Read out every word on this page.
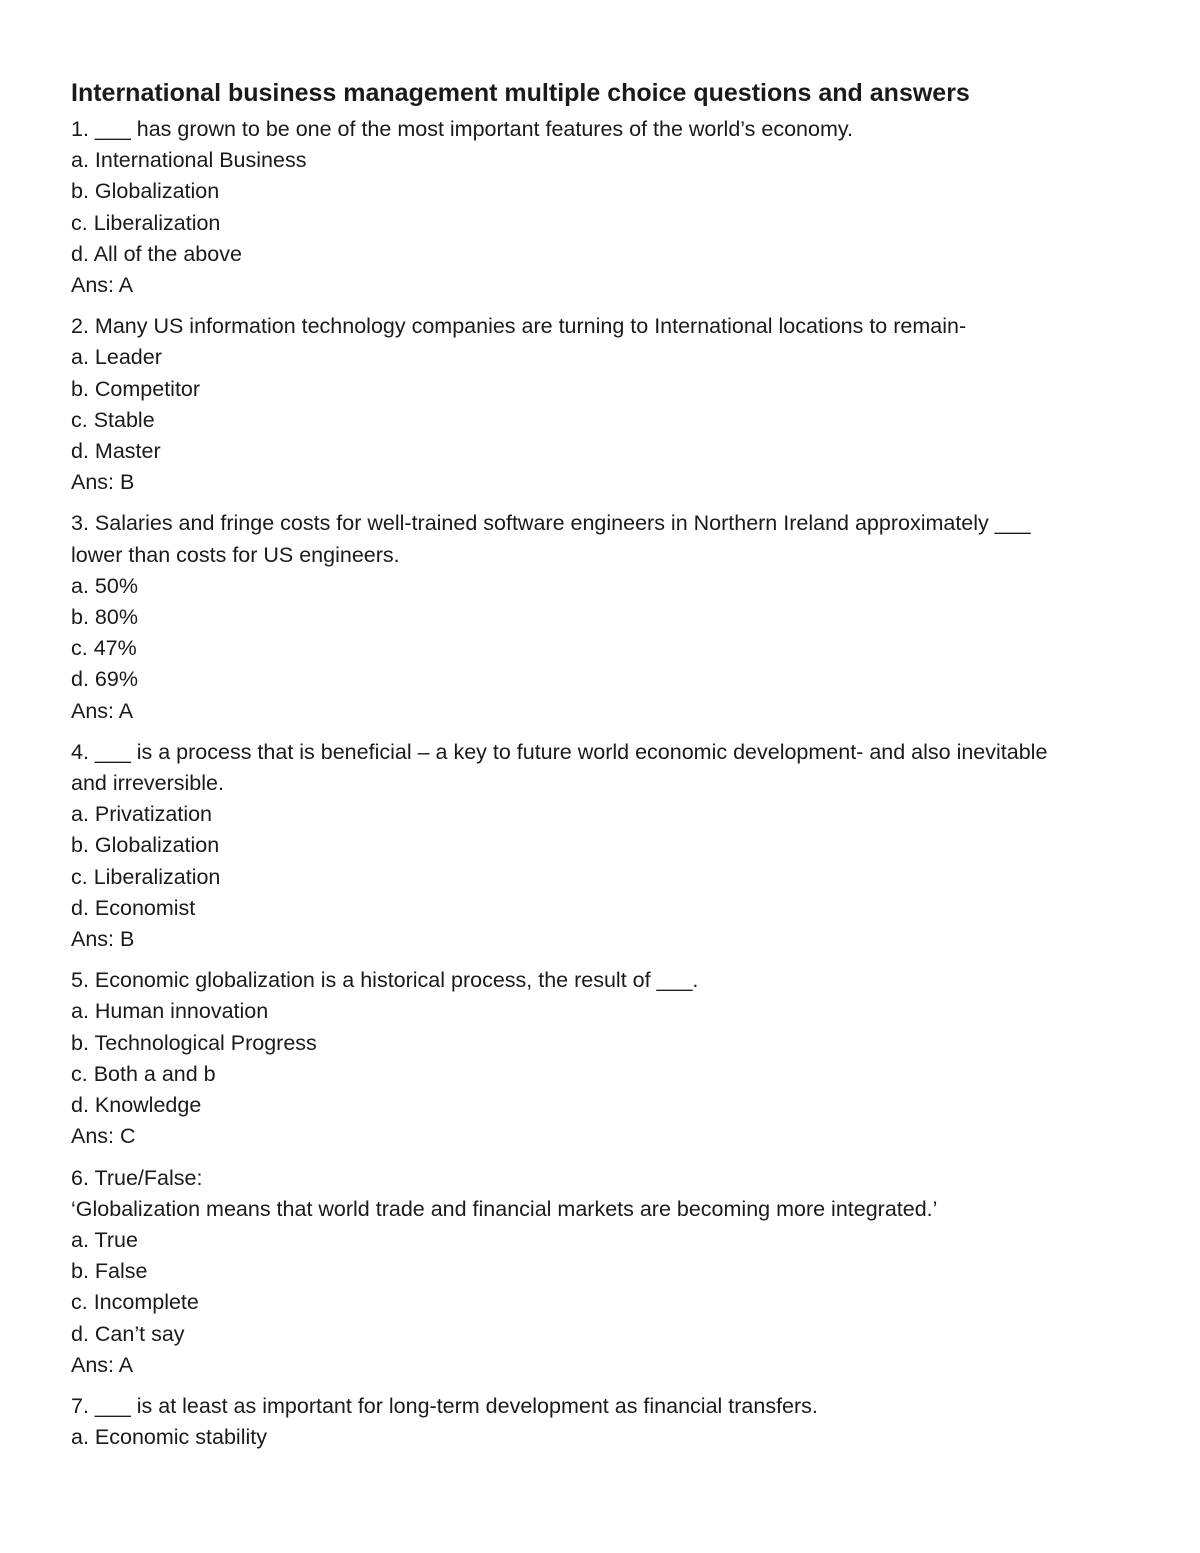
International business management multiple choice questions and answers
1. ___ has grown to be one of the most important features of the world’s economy.
a. International Business
b. Globalization
c. Liberalization
d. All of the above
Ans: A
2. Many US information technology companies are turning to International locations to remain-
a. Leader
b. Competitor
c. Stable
d. Master
Ans: B
3. Salaries and fringe costs for well-trained software engineers in Northern Ireland approximately ___
lower than costs for US engineers.
a. 50%
b. 80%
c. 47%
d. 69%
Ans: A
4. ___ is a process that is beneficial – a key to future world economic development- and also inevitable
and irreversible.
a. Privatization
b. Globalization
c. Liberalization
d. Economist
Ans: B
5. Economic globalization is a historical process, the result of ___.
a. Human innovation
b. Technological Progress
c. Both a and b
d. Knowledge
Ans: C
6. True/False:
‘Globalization means that world trade and financial markets are becoming more integrated.’
a. True
b. False
c. Incomplete
d. Can’t say
Ans: A
7. ___ is at least as important for long-term development as financial transfers.
a. Economic stability
